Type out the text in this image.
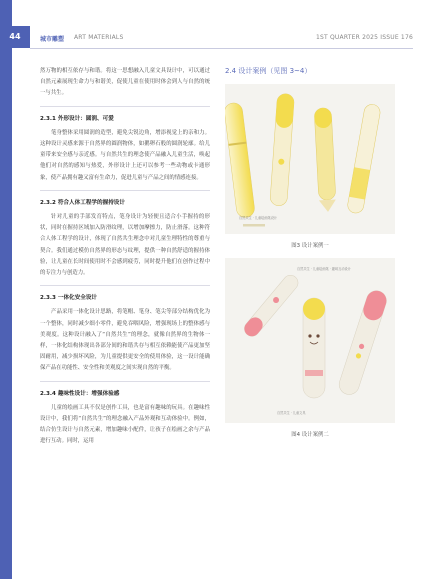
44	城市雕塑 ART MATERIALS	1ST QUARTER 2025 ISSUE 176

然万物的相互依存与和谐。将这一思想融入儿童文具设计中，可以通过自然元素展现生命力与和谐美，促使儿童在使用时体会到人与自然的统一与共生。

2.3.1 外形设计：圆润、可爱

笔身整体采用圆润的造型，避免尖锐边角，增添视觉上的亲和力。这种设计灵感来源于自然界的圆润物体，如鹅卵石般的圆润轮廓。给儿童带来安全感与亲近感。与自然共生的理念使产品融入儿童生活，唤起他们对自然的感知与热爱，外形设计上还可以参考一些动物或卡通形象，使产品拥有趣又富有生命力，促进儿童与产品之间的情感连接。

2.3.2 符合人体工程学的握持设计

针对儿童的手部发育特点，笔身设计为轻便且适合小手握持的形状，同时在握持区域加入防滑纹理，以增加摩擦力，防止滑落。这种符合人体工程学的设计，体现了自然共生理念中对儿童生理特性的尊重与契合。我们通过模仿自然界的形态与纹理，提供一种自然舒适的握持体验，让儿童在长时间使用时不会感到疲劳，同时提升他们在创作过程中的专注力与创造力。

2.3.3 一体化安全设计

产品采用一体化设计思路，将笔帽、笔身、笔尖等部分结构优化为一个整体，同时减少细小零件，避免吞咽风险，增强现场上的整体感与美观度。这种设计融入了“自然共生”的理念，就像自然界的生物体一样，一体化结构体现出各部分间的和谐共存与相互依赖能使产品更加坚固耐用，减少损坏风险，为儿童提供更安全的使用体验，这一设计能确保产品在功能性、安全性和美观度之间实现自然的平衡。

2.3.4 趣味性设计：增强体验感

儿童的绘画工具不仅是创作工具，也是富有趣味的玩具。在趣味性设计中，我们将“自然共生”的理念融入产品外观和互动体验中。例如，结合仿生设计与自然元素，增加趣味小配件，让孩子在绘画之余与产品进行互动。同时，运用

2.4 设计案例（见图 3~4）
自然共生 · 儿童绘画笔设计
图3 设计案例一
自然共生 · 儿童绘画笔 · 趣味互动设计
自然共生 · 儿童文具
图4 设计案例二
